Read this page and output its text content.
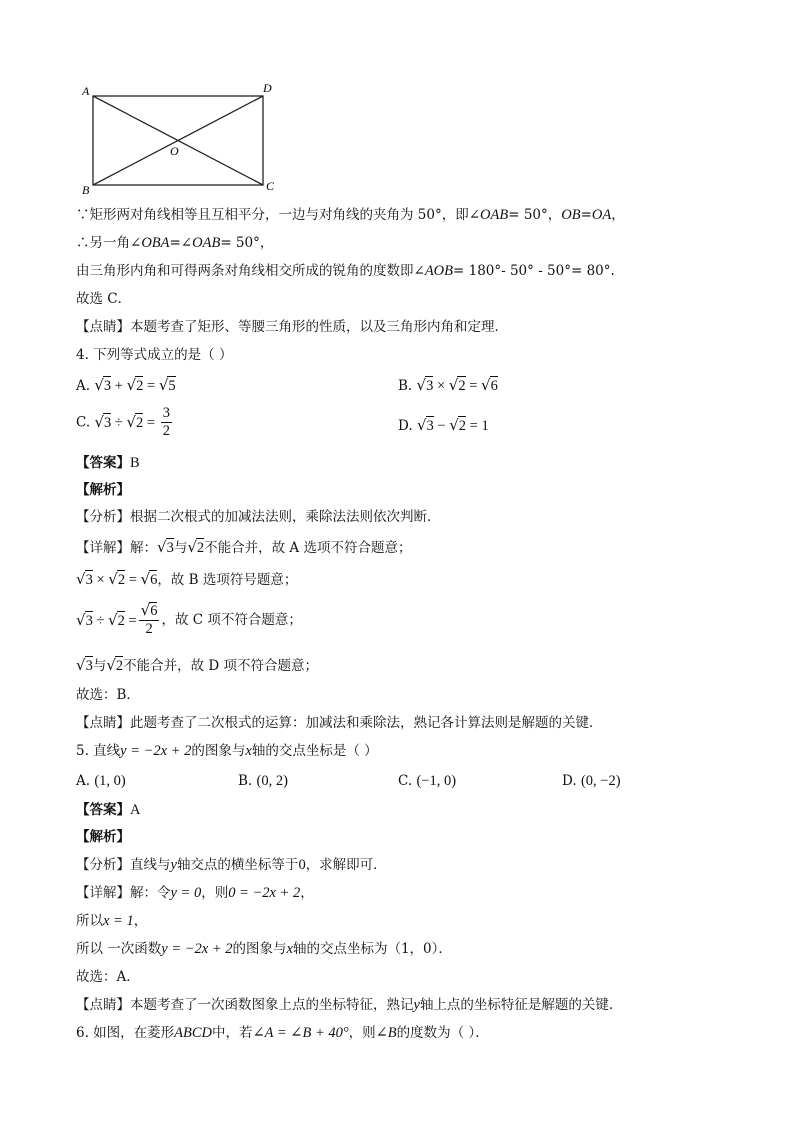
A	D
O
B	C
∵矩形两对角线相等且互相平分，一边与对角线的夹角为 50°，即∠OAB= 50°，OB=OA，
∴另一角∠OBA=∠OAB= 50°，
由三角形内角和可得两条对角线相交所成的锐角的度数即∠AOB= 180°- 50° - 50°= 80°.
故选 C．
【点睛】本题考查了矩形、等腰三角形的性质，以及三角形内角和定理．
4. 下列等式成立的是（ ）
A. √3 + √2 = √5	B. √3 × √2 = √6
C. $√3 \div √2 = \frac{3}{2}$	D. √3 − √2 = 1
【答案】B
【解析】
【分析】根据二次根式的加减法法则，乘除法法则依次判断．
【详解】解：√3与√2不能合并，故 A 选项不符合题意；
√3 × √2 = √6，故 B 选项符号题意；
$√3 \div √2 = \frac{√6}{2}$ ，故 C 项不符合题意；
√3与√2不能合并，故 D 项不符合题意；
故选：B．
【点睛】此题考查了二次根式的运算：加减法和乘除法，熟记各计算法则是解题的关键．
5. 直线y = −2x + 2的图象与x轴的交点坐标是（ ）
A. (1, 0)	B. (0, 2)	C. (−1, 0)	D. (0, −2)
【答案】A
【解析】
【分析】直线与y轴交点的横坐标等于0，求解即可．
【详解】解：令y = 0，则0 = −2x + 2，
所以x = 1，
所以 一次函数y = −2x + 2的图象与x轴的交点坐标为（1，0）．
故选：A．
【点睛】本题考查了一次函数图象上点的坐标特征，熟记y轴上点的坐标特征是解题的关键．
6. 如图，在菱形ABCD中，若∠A = ∠B + 40°，则∠B的度数为（ ）．
